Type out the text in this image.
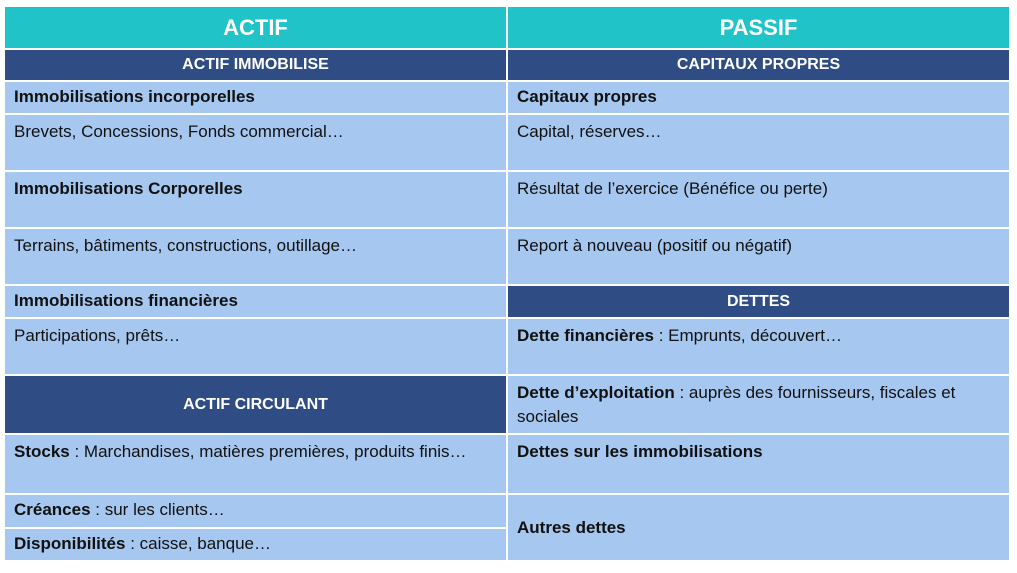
ACTIF
ACTIF IMMOBILISE
Immobilisations incorporelles
Brevets, Concessions, Fonds commercial…
Immobilisations Corporelles
Terrains, bâtiments, constructions, outillage…
Immobilisations financières
Participations, prêts…
ACTIF CIRCULANT
Stocks : Marchandises, matières premières, produits finis…
Créances : sur les clients…
Disponibilités : caisse, banque…
PASSIF
CAPITAUX PROPRES
Capitaux propres
Capital, réserves…
Résultat de l’exercice (Bénéfice ou perte)
Report à nouveau (positif ou négatif)
DETTES
Dette financières : Emprunts, découvert…
Dette d’exploitation : auprès des fournisseurs, fiscales et sociales
Dettes sur les immobilisations
Autres dettes
